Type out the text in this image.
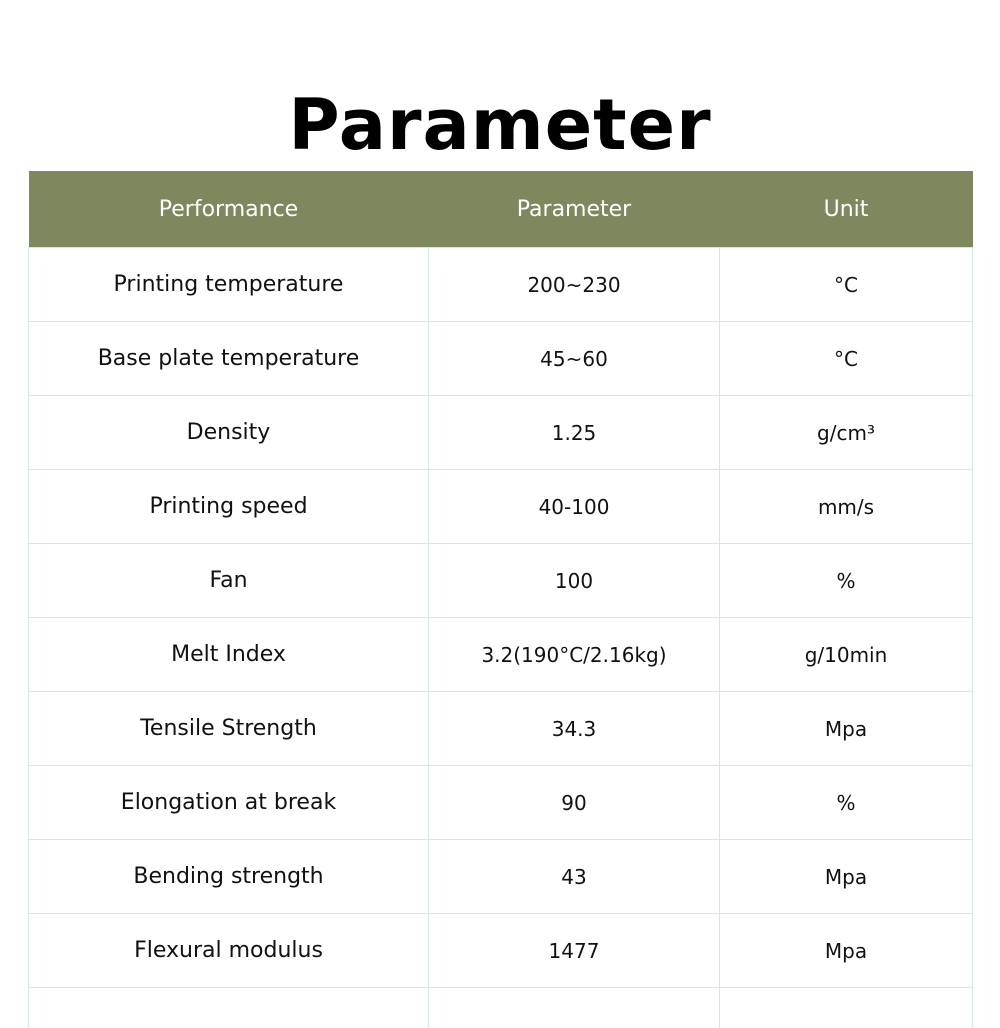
Parameter
Performance	Parameter	Unit
Printing temperature	200~230	°C
Base plate temperature	45~60	°C
Density	1.25	g/cm³
Printing speed	40-100	mm/s
Fan	100	%
Melt Index	3.2(190°C/2.16kg)	g/10min
Tensile Strength	34.3	Mpa
Elongation at break	90	%
Bending strength	43	Mpa
Flexural modulus	1477	Mpa
